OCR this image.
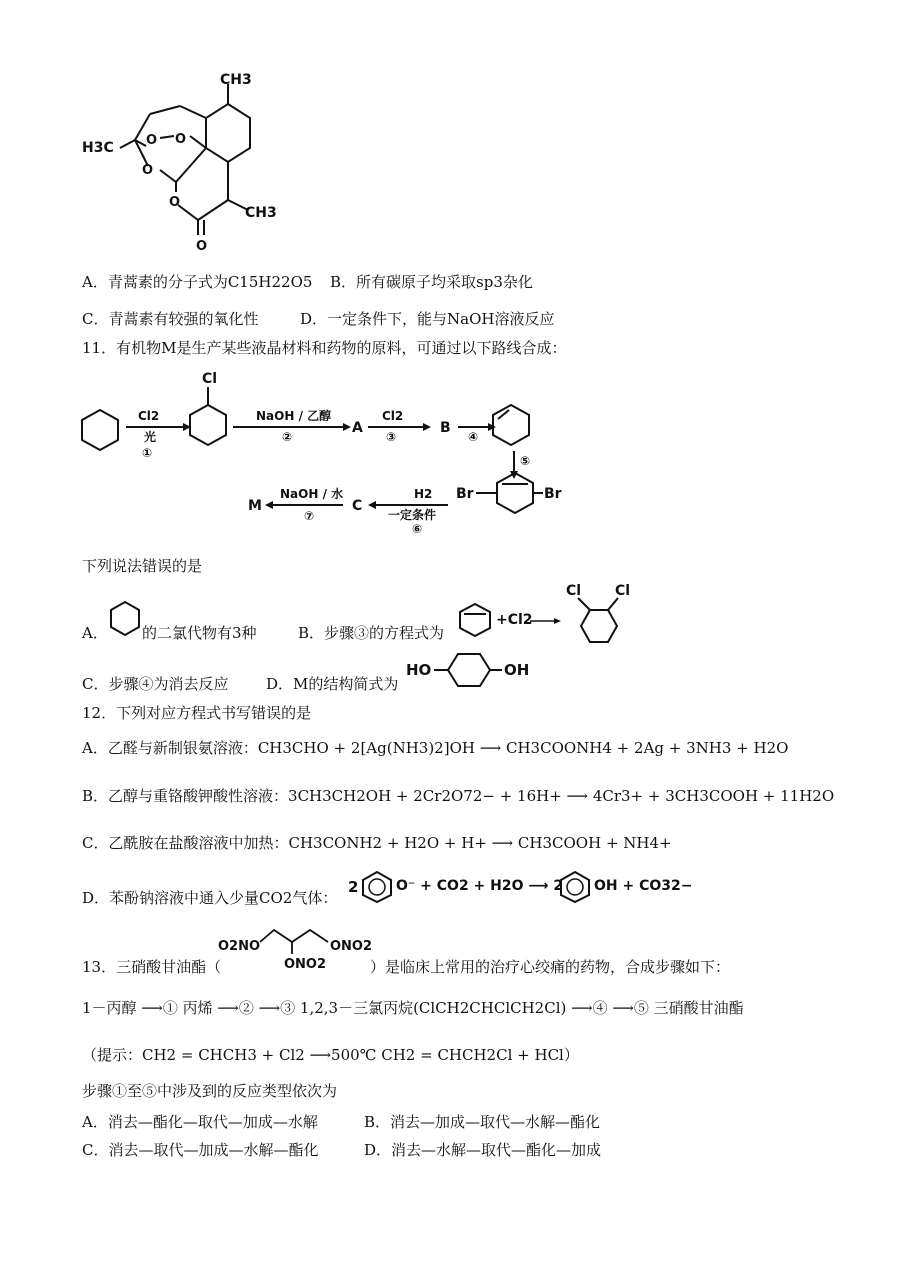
CH3
H3C O O
O
O
O
CH3
A．青蒿素的分子式为C15H22O5 B．所有碳原子均采取sp3杂化
C．青蒿素有较强的氧化性	D．一定条件下，能与NaOH溶液反应
11．有机物M是生产某些液晶材料和药物的原料，可通过以下路线合成：
Cl
Cl2
光
①
NaOH / 乙醇
②
A
Cl2
③
B
④
⑤
Br	Br
H2
一定条件
⑥
C
NaOH / 水
⑦
M
下列说法错误的是
A． 的二氯代物有3种	B．步骤③的方程式为
+Cl2
Cl Cl
C．步骤④为消去反应	D．M的结构简式为
HO	OH
12．下列对应方程式书写错误的是
A．乙醛与新制银氨溶液：CH3CHO + 2[Ag(NH3)2]OH ⟶ CH3COONH4 + 2Ag + 3NH3 + H2O
B．乙醇与重铬酸钾酸性溶液：3CH3CH2OH + 2Cr2O72− + 16H+ ⟶ 4Cr3+ + 3CH3COOH + 11H2O
C．乙酰胺在盐酸溶液中加热：CH3CONH2 + H2O + H+ ⟶ CH3COOH + NH4+
D．苯酚钠溶液中通入少量CO2气体：
2	O⁻ + CO2 + H2O ⟶ 2 OH + CO32−
O2NO	ONO2
ONO2
13．三硝酸甘油酯（	）是临床上常用的治疗心绞痛的药物，合成步骤如下：
1－丙醇 ⟶① 丙烯 ⟶② ⟶③ 1,2,3－三氯丙烷(ClCH2CHClCH2Cl) ⟶④ ⟶⑤ 三硝酸甘油酯
（提示：CH2 = CHCH3 + Cl2 ⟶500℃ CH2 = CHCH2Cl + HCl）
步骤①至⑤中涉及到的反应类型依次为
A．消去—酯化—取代—加成—水解	B．消去—加成—取代—水解—酯化
C．消去—取代—加成—水解—酯化	D．消去—水解—取代—酯化—加成
